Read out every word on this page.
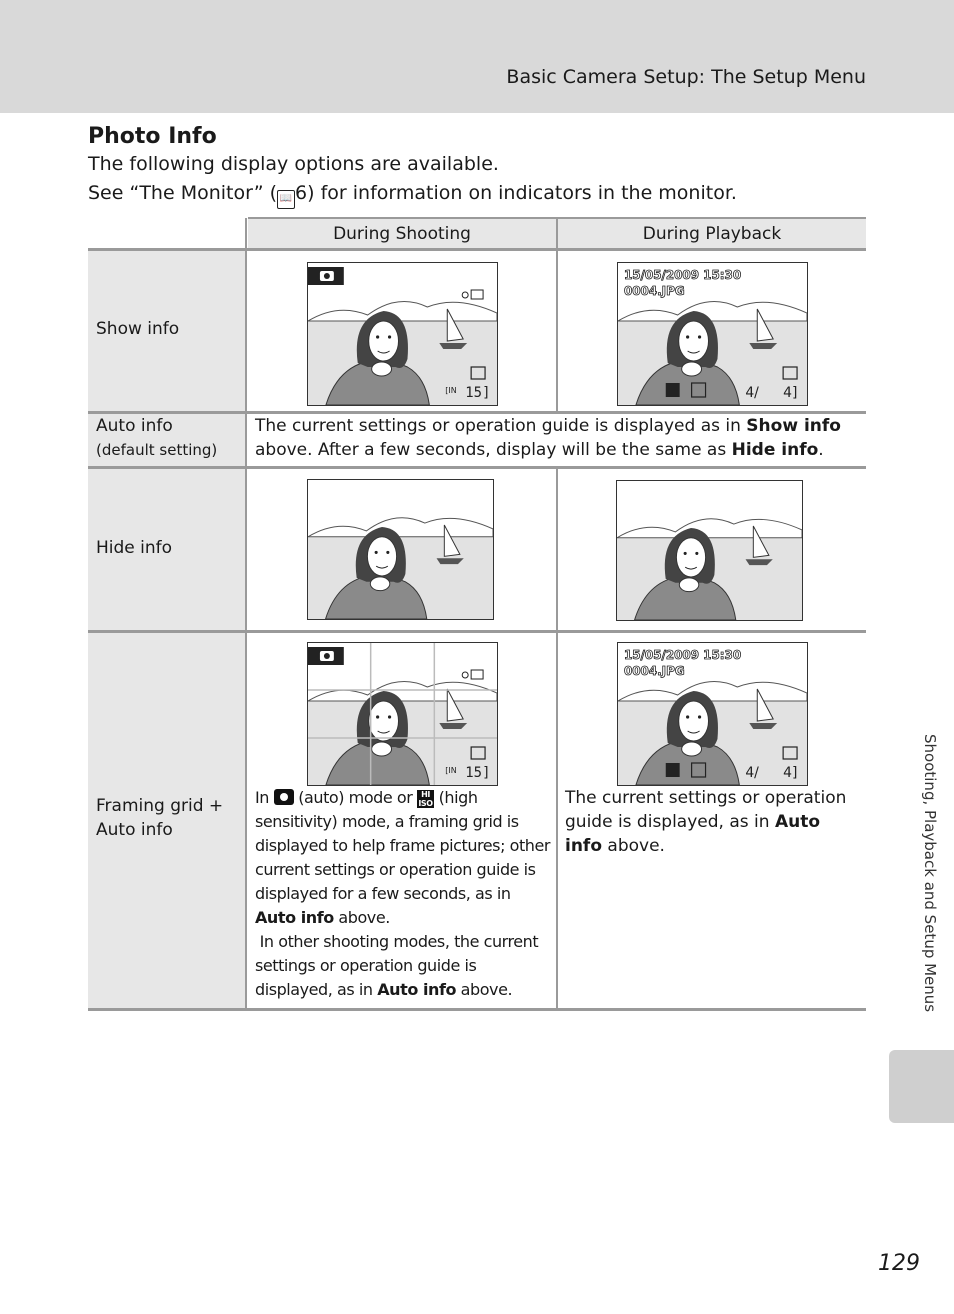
Basic Camera Setup: The Setup Menu
Photo Info
The following display options are available.
See “The Monitor” ( 📖 6) for information on indicators in the monitor.
During Shooting	During Playback
Show info
Auto info
(default setting)
Hide info
Framing grid +
Auto info
The current settings or operation guide is displayed as in Show info above. After a few seconds, display will be the same as Hide info.
In (auto) mode or HI
ISO (high sensitivity) mode, a framing grid is displayed to help frame pictures; other current settings or operation guide is displayed for a few seconds, as in Auto info above.
In other shooting modes, the current settings or operation guide is displayed, as in Auto info above.
The current settings or operation guide is displayed, as in Auto info above.
15
[IN ]
15/05/2009 15:30
0004.JPG
4/ 4]
15
[IN ]
15/05/2009 15:30
0004.JPG
4/ 4]	Shooting, Playback and Setup Menus
129
